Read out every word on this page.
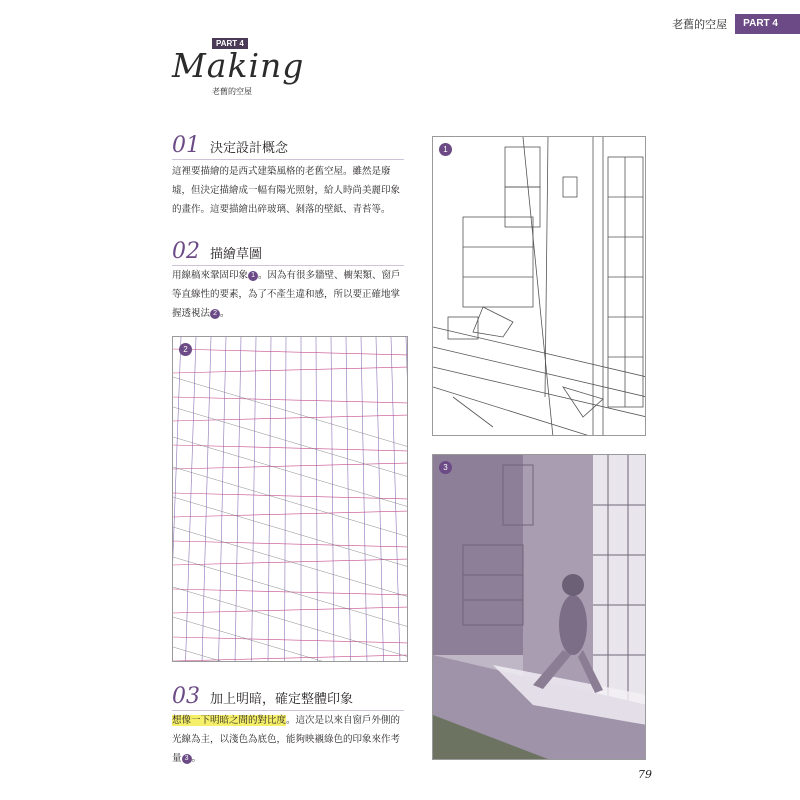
老舊的空屋	PART 4
PART 4
Making
老舊的空屋
01 決定設計概念
這裡要描繪的是西式建築風格的老舊空屋。雖然是廢
墟，但決定描繪成一幅有陽光照射，給人時尚美麗印象
的畫作。這要描繪出碎玻璃、剝落的壁紙、青苔等。
02 描繪草圖
用線稿來鞏固印象 1 。因為有很多牆壁、櫥架類、窗戶
等直線性的要素，為了不產生違和感，所以要正確地掌
握透視法 2 。
03 加上明暗，確定整體印象
想像一下明暗之間的對比度。這次是以來自窗戶外側的
光線為主，以淺色為底色，能夠映襯綠色的印象來作考
量 3 。
1
2
3
79
